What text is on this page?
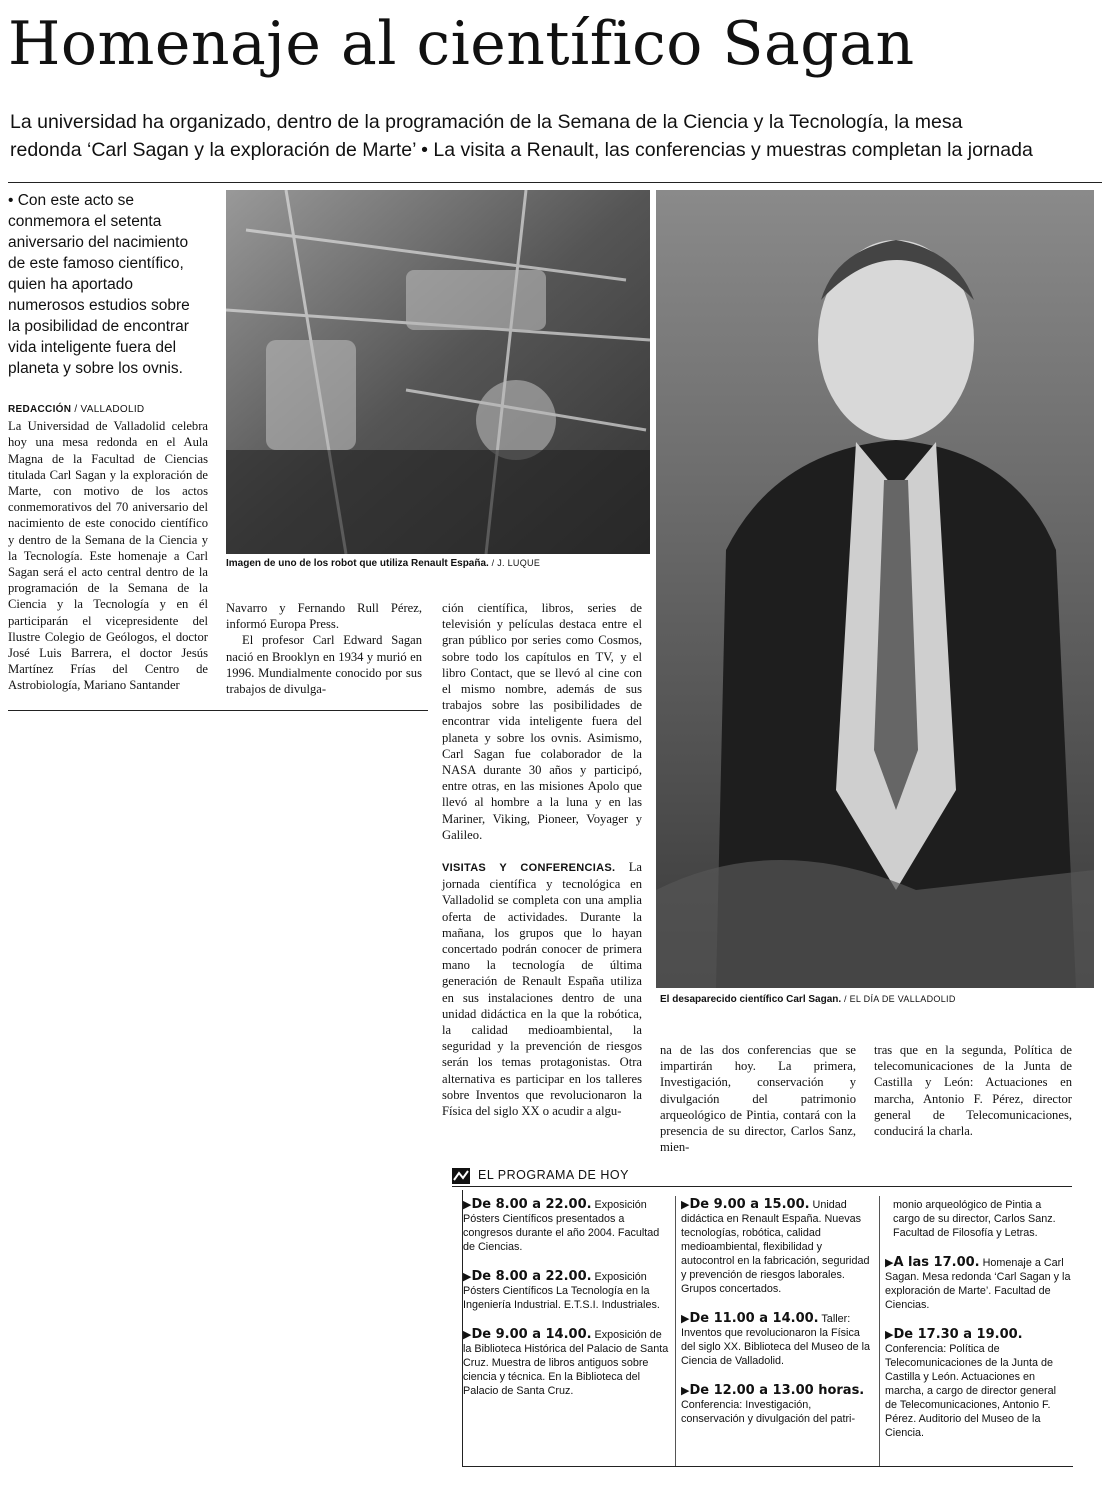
Homenaje al científico Sagan
La universidad ha organizado, dentro de la programación de la Semana de la Ciencia y la Tecnología, la mesa
redonda ‘Carl Sagan y la exploración de Marte’ • La visita a Renault, las conferencias y muestras completan la jornada
• Con este acto se conmemora el setenta aniversario del nacimiento de este famoso científico, quien ha aportado numerosos estudios sobre la posibilidad de encontrar vida inteligente fuera del planeta y sobre los ovnis.
REDACCIÓN / VALLADOLID

La Universidad de Valladolid celebra hoy una mesa redonda en el Aula Magna de la Facultad de Ciencias titulada Carl Sagan y la exploración de Marte, con motivo de los actos conmemorativos del 70 aniversario del nacimiento de este conocido científico y dentro de la Semana de la Ciencia y la Tecnología. Este homenaje a Carl Sagan será el acto central dentro de la programación de la Semana de la Ciencia y la Tecnología y en él participarán el vicepresidente del Ilustre Colegio de Geólogos, el doctor José Luis Barrera, el doctor Jesús Martínez Frías del Centro de Astrobiología, Mariano Santander

Imagen de uno de los robot que utiliza Renault España. / J. LUQUE

Navarro y Fernando Rull Pérez, informó Europa Press.

El profesor Carl Edward Sagan nació en Brooklyn en 1934 y murió en 1996. Mundialmente conocido por sus trabajos de divulga-

ción científica, libros, series de televisión y películas destaca entre el gran público por series como Cosmos, sobre todo los capítulos en TV, y el libro Contact, que se llevó al cine con el mismo nombre, además de sus trabajos sobre las posibilidades de encontrar vida inteligente fuera del planeta y sobre los ovnis. Asimismo, Carl Sagan fue colaborador de la NASA durante 30 años y participó, entre otras, en las misiones Apolo que llevó al hombre a la luna y en las Mariner, Viking, Pioneer, Voyager y Galileo.

VISITAS Y CONFERENCIAS. La jornada científica y tecnológica en Valladolid se completa con una amplia oferta de actividades. Durante la mañana, los grupos que lo hayan concertado podrán conocer de primera mano la tecnología de última generación de Renault España utiliza en sus instalaciones dentro de una unidad didáctica en la que la robótica, la calidad medioambiental, la seguridad y la prevención de riesgos serán los temas protagonistas. Otra alternativa es participar en los talleres sobre Inventos que revolucionaron la Física del siglo XX o acudir a algu-

El desaparecido científico Carl Sagan. / EL DÍA DE VALLADOLID

na de las dos conferencias que se impartirán hoy. La primera, Investigación, conservación y divulgación del patrimonio arqueológico de Pintia, contará con la presencia de su director, Carlos Sanz, mien-

tras que en la segunda, Política de telecomunicaciones de la Junta de Castilla y León: Actuaciones en marcha, Antonio F. Pérez, director general de Telecomunicaciones, conducirá la charla.

EL PROGRAMA DE HOY
▶De 8.00 a 22.00. Exposición Pósters Científicos presentados a congresos durante el año 2004. Facultad de Ciencias.
▶De 8.00 a 22.00. Exposición Pósters Científicos La Tecnología en la Ingeniería Industrial. E.T.S.I. Industriales.
▶De 9.00 a 14.00. Exposición de la Biblioteca Histórica del Palacio de Santa Cruz. Muestra de libros antiguos sobre ciencia y técnica. En la Biblioteca del Palacio de Santa Cruz.
▶De 9.00 a 15.00. Unidad didáctica en Renault España. Nuevas tecnologías, robótica, calidad medioambiental, flexibilidad y autocontrol en la fabricación, seguridad y prevención de riesgos laborales. Grupos concertados.
▶De 11.00 a 14.00. Taller: Inventos que revolucionaron la Física del siglo XX. Biblioteca del Museo de la Ciencia de Valladolid.
▶De 12.00 a 13.00 horas. Conferencia: Investigación, conservación y divulgación del patri-
monio arqueológico de Pintia a cargo de su director, Carlos Sanz. Facultad de Filosofía y Letras.
▶A las 17.00. Homenaje a Carl Sagan. Mesa redonda ‘Carl Sagan y la exploración de Marte’. Facultad de Ciencias.
▶De 17.30 a 19.00. Conferencia: Política de Telecomunicaciones de la Junta de Castilla y León. Actuaciones en marcha, a cargo de director general de Telecomunicaciones, Antonio F. Pérez. Auditorio del Museo de la Ciencia.
